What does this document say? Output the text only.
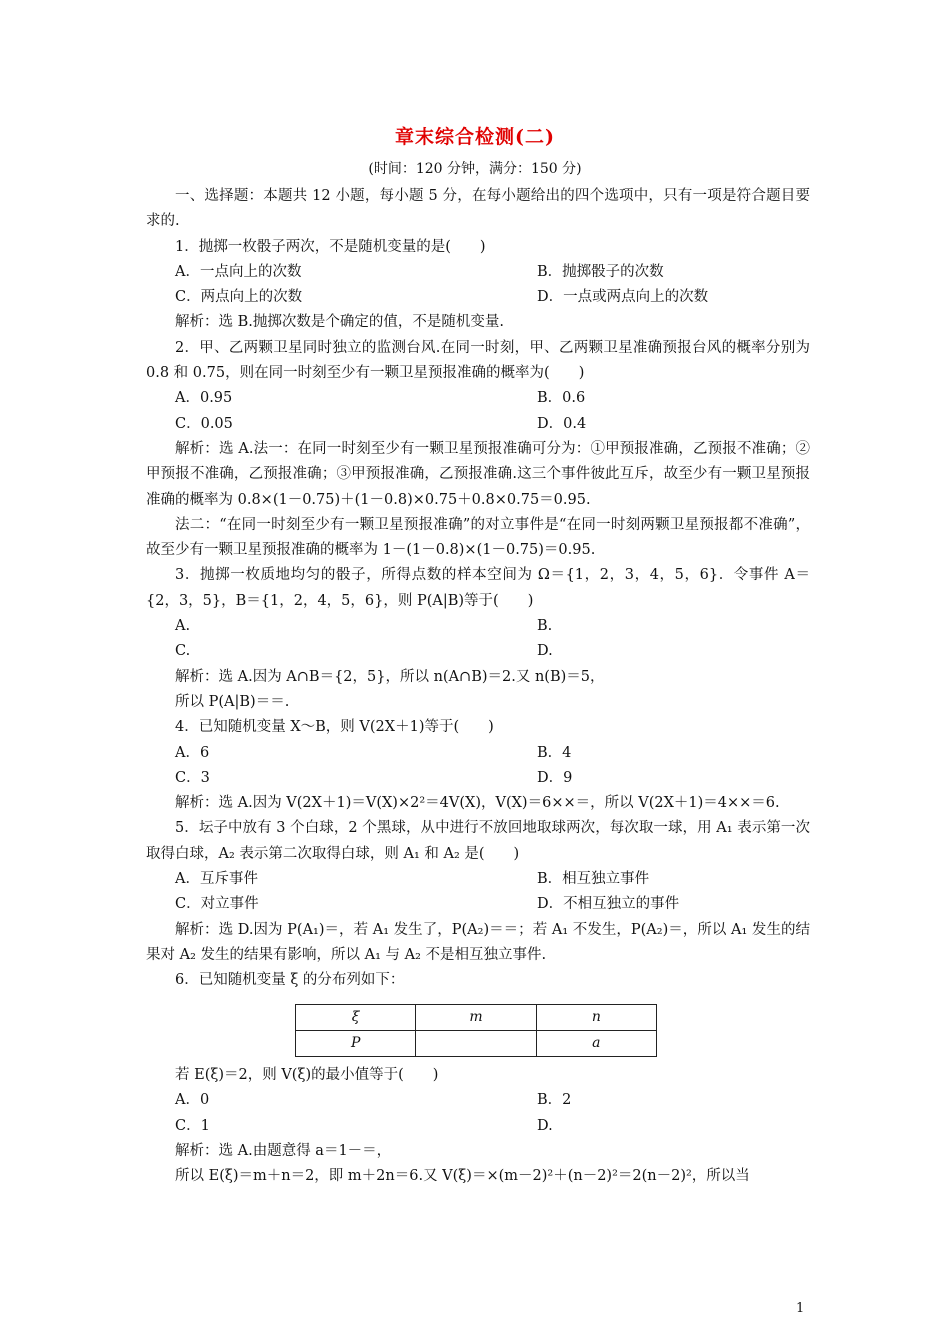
章末综合检测(二)
(时间：120 分钟，满分：150 分)

一、选择题：本题共 12 小题，每小题 5 分，在每小题给出的四个选项中，只有一项是符合题目要求的.

1．抛掷一枚骰子两次，不是随机变量的是(　　)

A．一点向上的次数	B．抛掷骰子的次数
C．两点向上的次数	D．一点或两点向上的次数

解析：选 B.抛掷次数是个确定的值，不是随机变量.

2．甲、乙两颗卫星同时独立的监测台风.在同一时刻，甲、乙两颗卫星准确预报台风的概率分别为 0.8 和 0.75，则在同一时刻至少有一颗卫星预报准确的概率为(　　)

A．0.95	B．0.6
C．0.05	D．0.4

解析：选 A.法一：在同一时刻至少有一颗卫星预报准确可分为：①甲预报准确，乙预报不准确；②甲预报不准确，乙预报准确；③甲预报准确，乙预报准确.这三个事件彼此互斥，故至少有一颗卫星预报准确的概率为 0.8×(1－0.75)＋(1－0.8)×0.75＋0.8×0.75＝0.95.

法二：“在同一时刻至少有一颗卫星预报准确”的对立事件是“在同一时刻两颗卫星预报都不准确”，故至少有一颗卫星预报准确的概率为 1－(1－0.8)×(1－0.75)＝0.95.

3．抛掷一枚质地均匀的骰子，所得点数的样本空间为 Ω＝{1，2，3，4，5，6}．令事件 A＝{2，3，5}，B＝{1，2，4，5，6}，则 P(A|B)等于(　　)

A.	B.
C.	D.

解析：选 A.因为 A∩B＝{2，5}，所以 n(A∩B)＝2.又 n(B)＝5，

所以 P(A|B)＝＝.

4．已知随机变量 X～B，则 V(2X＋1)等于(　　)

A．6	B．4
C．3	D．9

解析：选 A.因为 V(2X＋1)＝V(X)×2²＝4V(X)，V(X)＝6××＝，所以 V(2X＋1)＝4××＝6.

5．坛子中放有 3 个白球，2 个黑球，从中进行不放回地取球两次，每次取一球，用 A₁ 表示第一次取得白球，A₂ 表示第二次取得白球，则 A₁ 和 A₂ 是(　　)

A．互斥事件	B．相互独立事件
C．对立事件	D．不相互独立的事件

解析：选 D.因为 P(A₁)＝，若 A₁ 发生了，P(A₂)＝＝；若 A₁ 不发生，P(A₂)＝，所以 A₁ 发生的结果对 A₂ 发生的结果有影响，所以 A₁ 与 A₂ 不是相互独立事件.

6．已知随机变量 ξ 的分布列如下：

ξ	m	n
P		a

若 E(ξ)＝2，则 V(ξ)的最小值等于(　　)

A．0	B．2
C．1	D.

解析：选 A.由题意得 a＝1－＝，

所以 E(ξ)＝m＋n＝2，即 m＋2n＝6.又 V(ξ)＝×(m－2)²＋(n－2)²＝2(n－2)²，所以当

1
